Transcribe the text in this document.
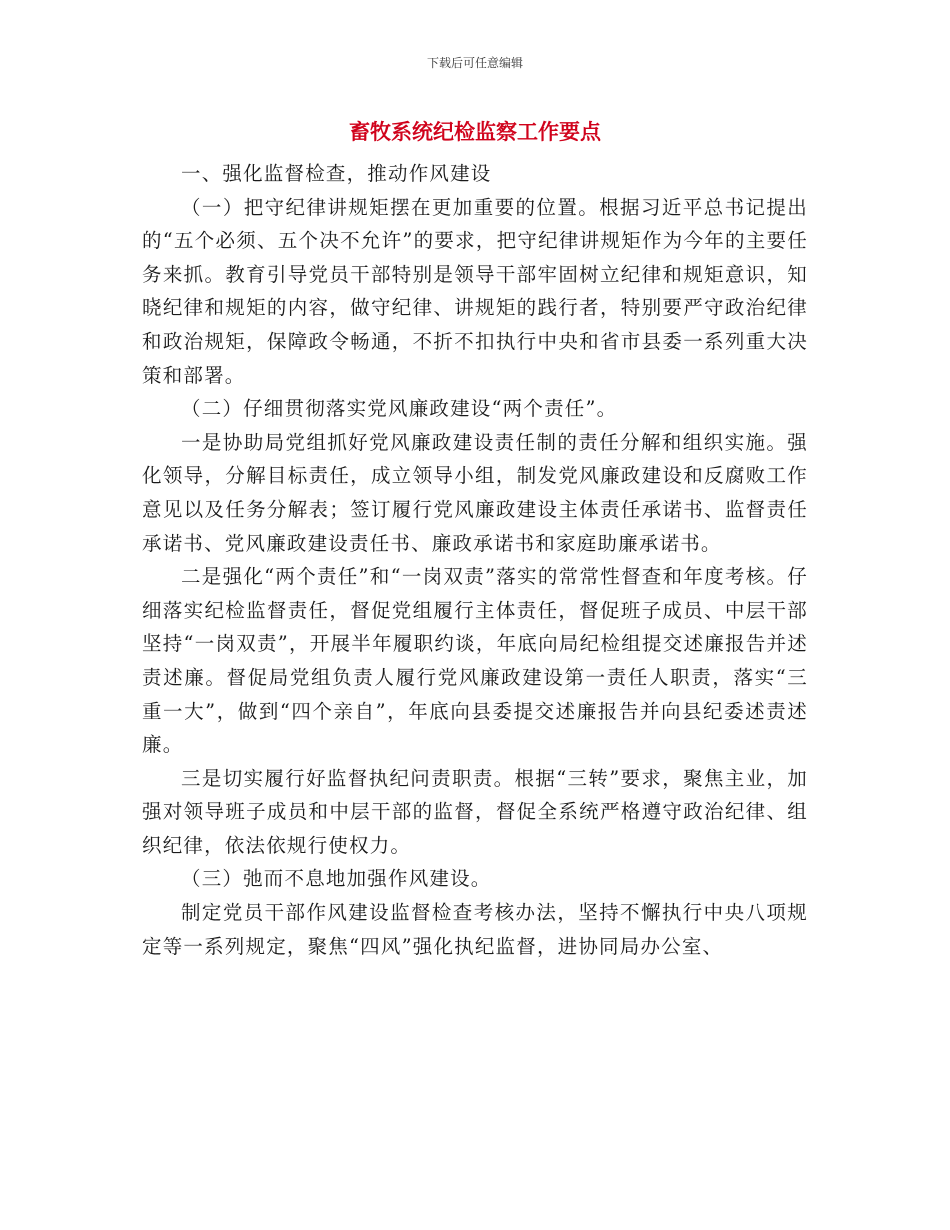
下载后可任意编辑
畜牧系统纪检监察工作要点

一、强化监督检查，推动作风建设

（一）把守纪律讲规矩摆在更加重要的位置。根据习近平总书记提出的“五个必须、五个决不允许”的要求，把守纪律讲规矩作为今年的主要任务来抓。教育引导党员干部特别是领导干部牢固树立纪律和规矩意识，知晓纪律和规矩的内容，做守纪律、讲规矩的践行者，特别要严守政治纪律和政治规矩，保障政令畅通，不折不扣执行中央和省市县委一系列重大决策和部署。

（二）仔细贯彻落实党风廉政建设“两个责任”。

一是协助局党组抓好党风廉政建设责任制的责任分解和组织实施。强化领导，分解目标责任，成立领导小组，制发党风廉政建设和反腐败工作意见以及任务分解表；签订履行党风廉政建设主体责任承诺书、监督责任承诺书、党风廉政建设责任书、廉政承诺书和家庭助廉承诺书。

二是强化“两个责任”和“一岗双责”落实的常常性督查和年度考核。仔细落实纪检监督责任，督促党组履行主体责任，督促班子成员、中层干部坚持“一岗双责”，开展半年履职约谈，年底向局纪检组提交述廉报告并述责述廉。督促局党组负责人履行党风廉政建设第一责任人职责，落实“三重一大”，做到“四个亲自”，年底向县委提交述廉报告并向县纪委述责述廉。

三是切实履行好监督执纪问责职责。根据“三转”要求，聚焦主业，加强对领导班子成员和中层干部的监督，督促全系统严格遵守政治纪律、组织纪律，依法依规行使权力。

（三）弛而不息地加强作风建设。

制定党员干部作风建设监督检查考核办法，坚持不懈执行中央八项规定等一系列规定，聚焦“四风”强化执纪监督，进协同局办公室、
